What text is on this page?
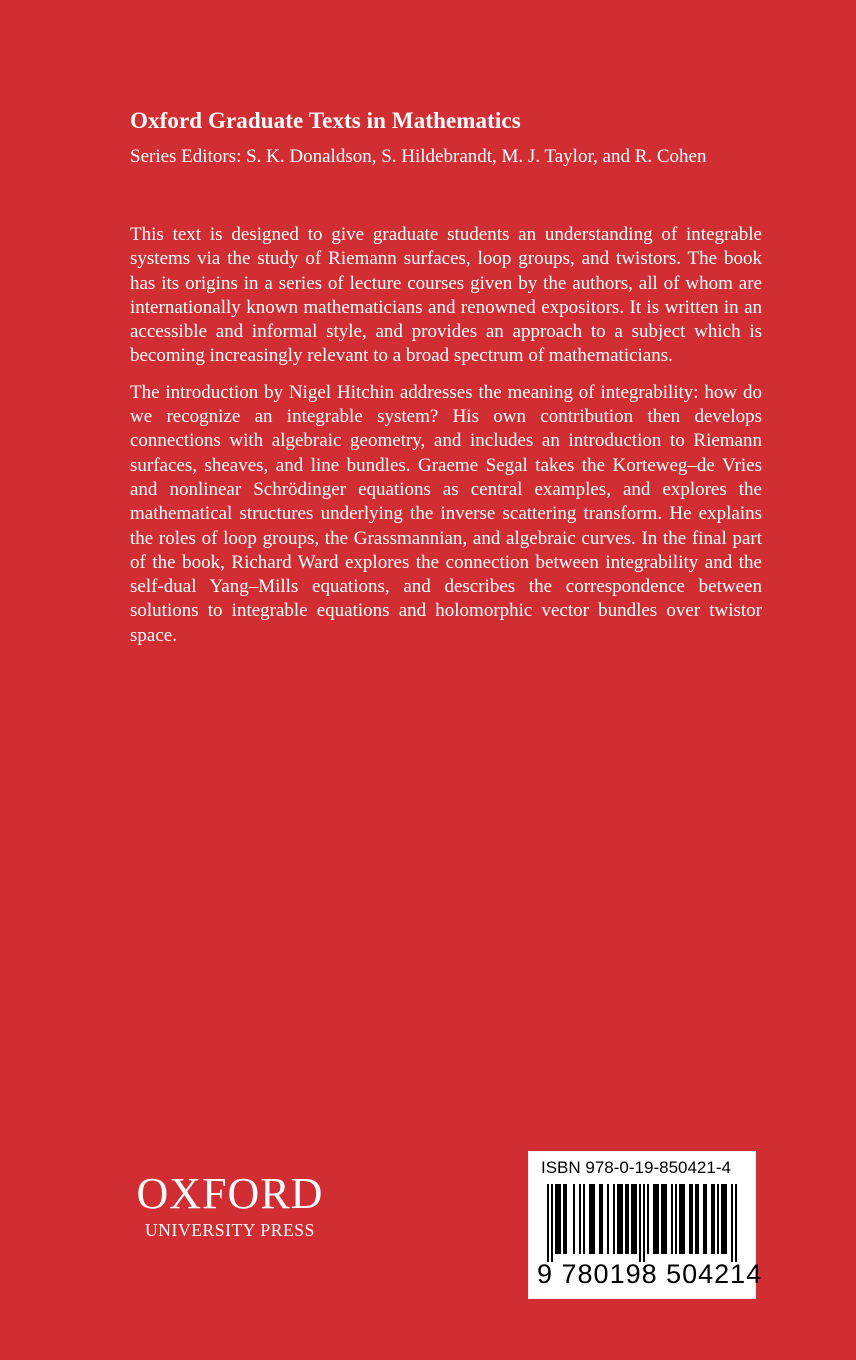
Oxford Graduate Texts in Mathematics
Series Editors: S. K. Donaldson, S. Hildebrandt, M. J. Taylor, and R. Cohen

This text is designed to give graduate students an understanding of integrable systems via the study of Riemann surfaces, loop groups, and twistors. The book has its origins in a series of lecture courses given by the authors, all of whom are internationally known mathematicians and renowned expositors. It is written in an accessible and informal style, and provides an approach to a subject which is becoming increasingly relevant to a broad spectrum of mathematicians.

The introduction by Nigel Hitchin addresses the meaning of integrability: how do we recognize an integrable system? His own contribution then develops connections with algebraic geometry, and includes an introduction to Riemann surfaces, sheaves, and line bundles. Graeme Segal takes the Korteweg–de Vries and nonlinear Schrödinger equations as central examples, and explores the mathematical structures underlying the inverse scattering transform. He explains the roles of loop groups, the Grassmannian, and algebraic curves. In the final part of the book, Richard Ward explores the connection between integrability and the self-dual Yang–Mills equations, and describes the correspondence between solutions to integrable equations and holomorphic vector bundles over twistor space.

OXFORD
UNIVERSITY PRESS
ISBN 978-0-19-850421-4
9 780198 504214
